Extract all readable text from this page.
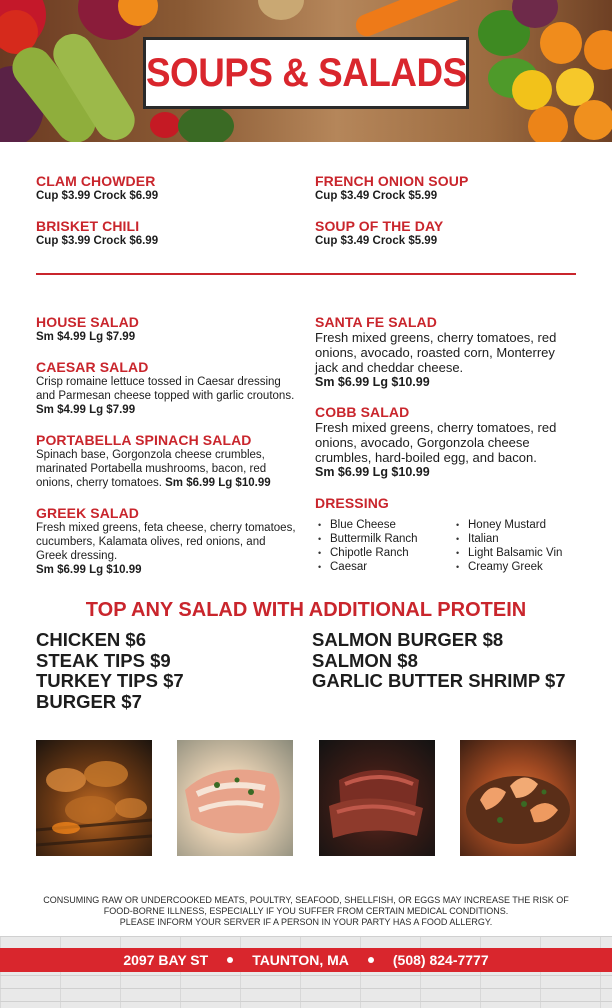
SOUPS & SALADS
CLAM CHOWDER
Cup $3.99 Crock $6.99
BRISKET CHILI
Cup $3.99 Crock $6.99
FRENCH ONION SOUP
Cup $3.49 Crock $5.99
SOUP OF THE DAY
Cup $3.49 Crock $5.99
HOUSE SALAD
Sm $4.99 Lg $7.99
CAESAR SALAD
Crisp romaine lettuce tossed in Caesar dressing and Parmesan cheese topped with garlic croutons. Sm $4.99 Lg $7.99
PORTABELLA SPINACH SALAD
Spinach base, Gorgonzola cheese crumbles, marinated Portabella mushrooms, bacon, red onions, cherry tomatoes. Sm $6.99 Lg $10.99
GREEK SALAD
Fresh mixed greens, feta cheese, cherry tomatoes, cucumbers, Kalamata olives, red onions, and Greek dressing.
Sm $6.99 Lg $10.99
SANTA FE SALAD
Fresh mixed greens, cherry tomatoes, red onions, avocado, roasted corn, Monterrey jack and cheddar cheese.
Sm $6.99 Lg $10.99
COBB SALAD
Fresh mixed greens, cherry tomatoes, red onions, avocado, Gorgonzola cheese crumbles, hard-boiled egg, and bacon.
Sm $6.99 Lg $10.99
DRESSING
• Blue Cheese
• Buttermilk Ranch
• Chipotle Ranch
• Caesar
• Honey Mustard
• Italian
• Light Balsamic Vin
• Creamy Greek
TOP ANY SALAD WITH ADDITIONAL PROTEIN
CHICKEN $6
STEAK TIPS $9
TURKEY TIPS $7
BURGER $7
SALMON BURGER $8
SALMON $8
GARLIC BUTTER SHRIMP $7
CONSUMING RAW OR UNDERCOOKED MEATS, POULTRY, SEAFOOD, SHELLFISH, OR EGGS MAY INCREASE THE RISK OF
FOOD-BORNE ILLNESS, ESPECIALLY IF YOU SUFFER FROM CERTAIN MEDICAL CONDITIONS.
PLEASE INFORM YOUR SERVER IF A PERSON IN YOUR PARTY HAS A FOOD ALLERGY.
2097 BAY ST	TAUNTON, MA	(508) 824-7777
